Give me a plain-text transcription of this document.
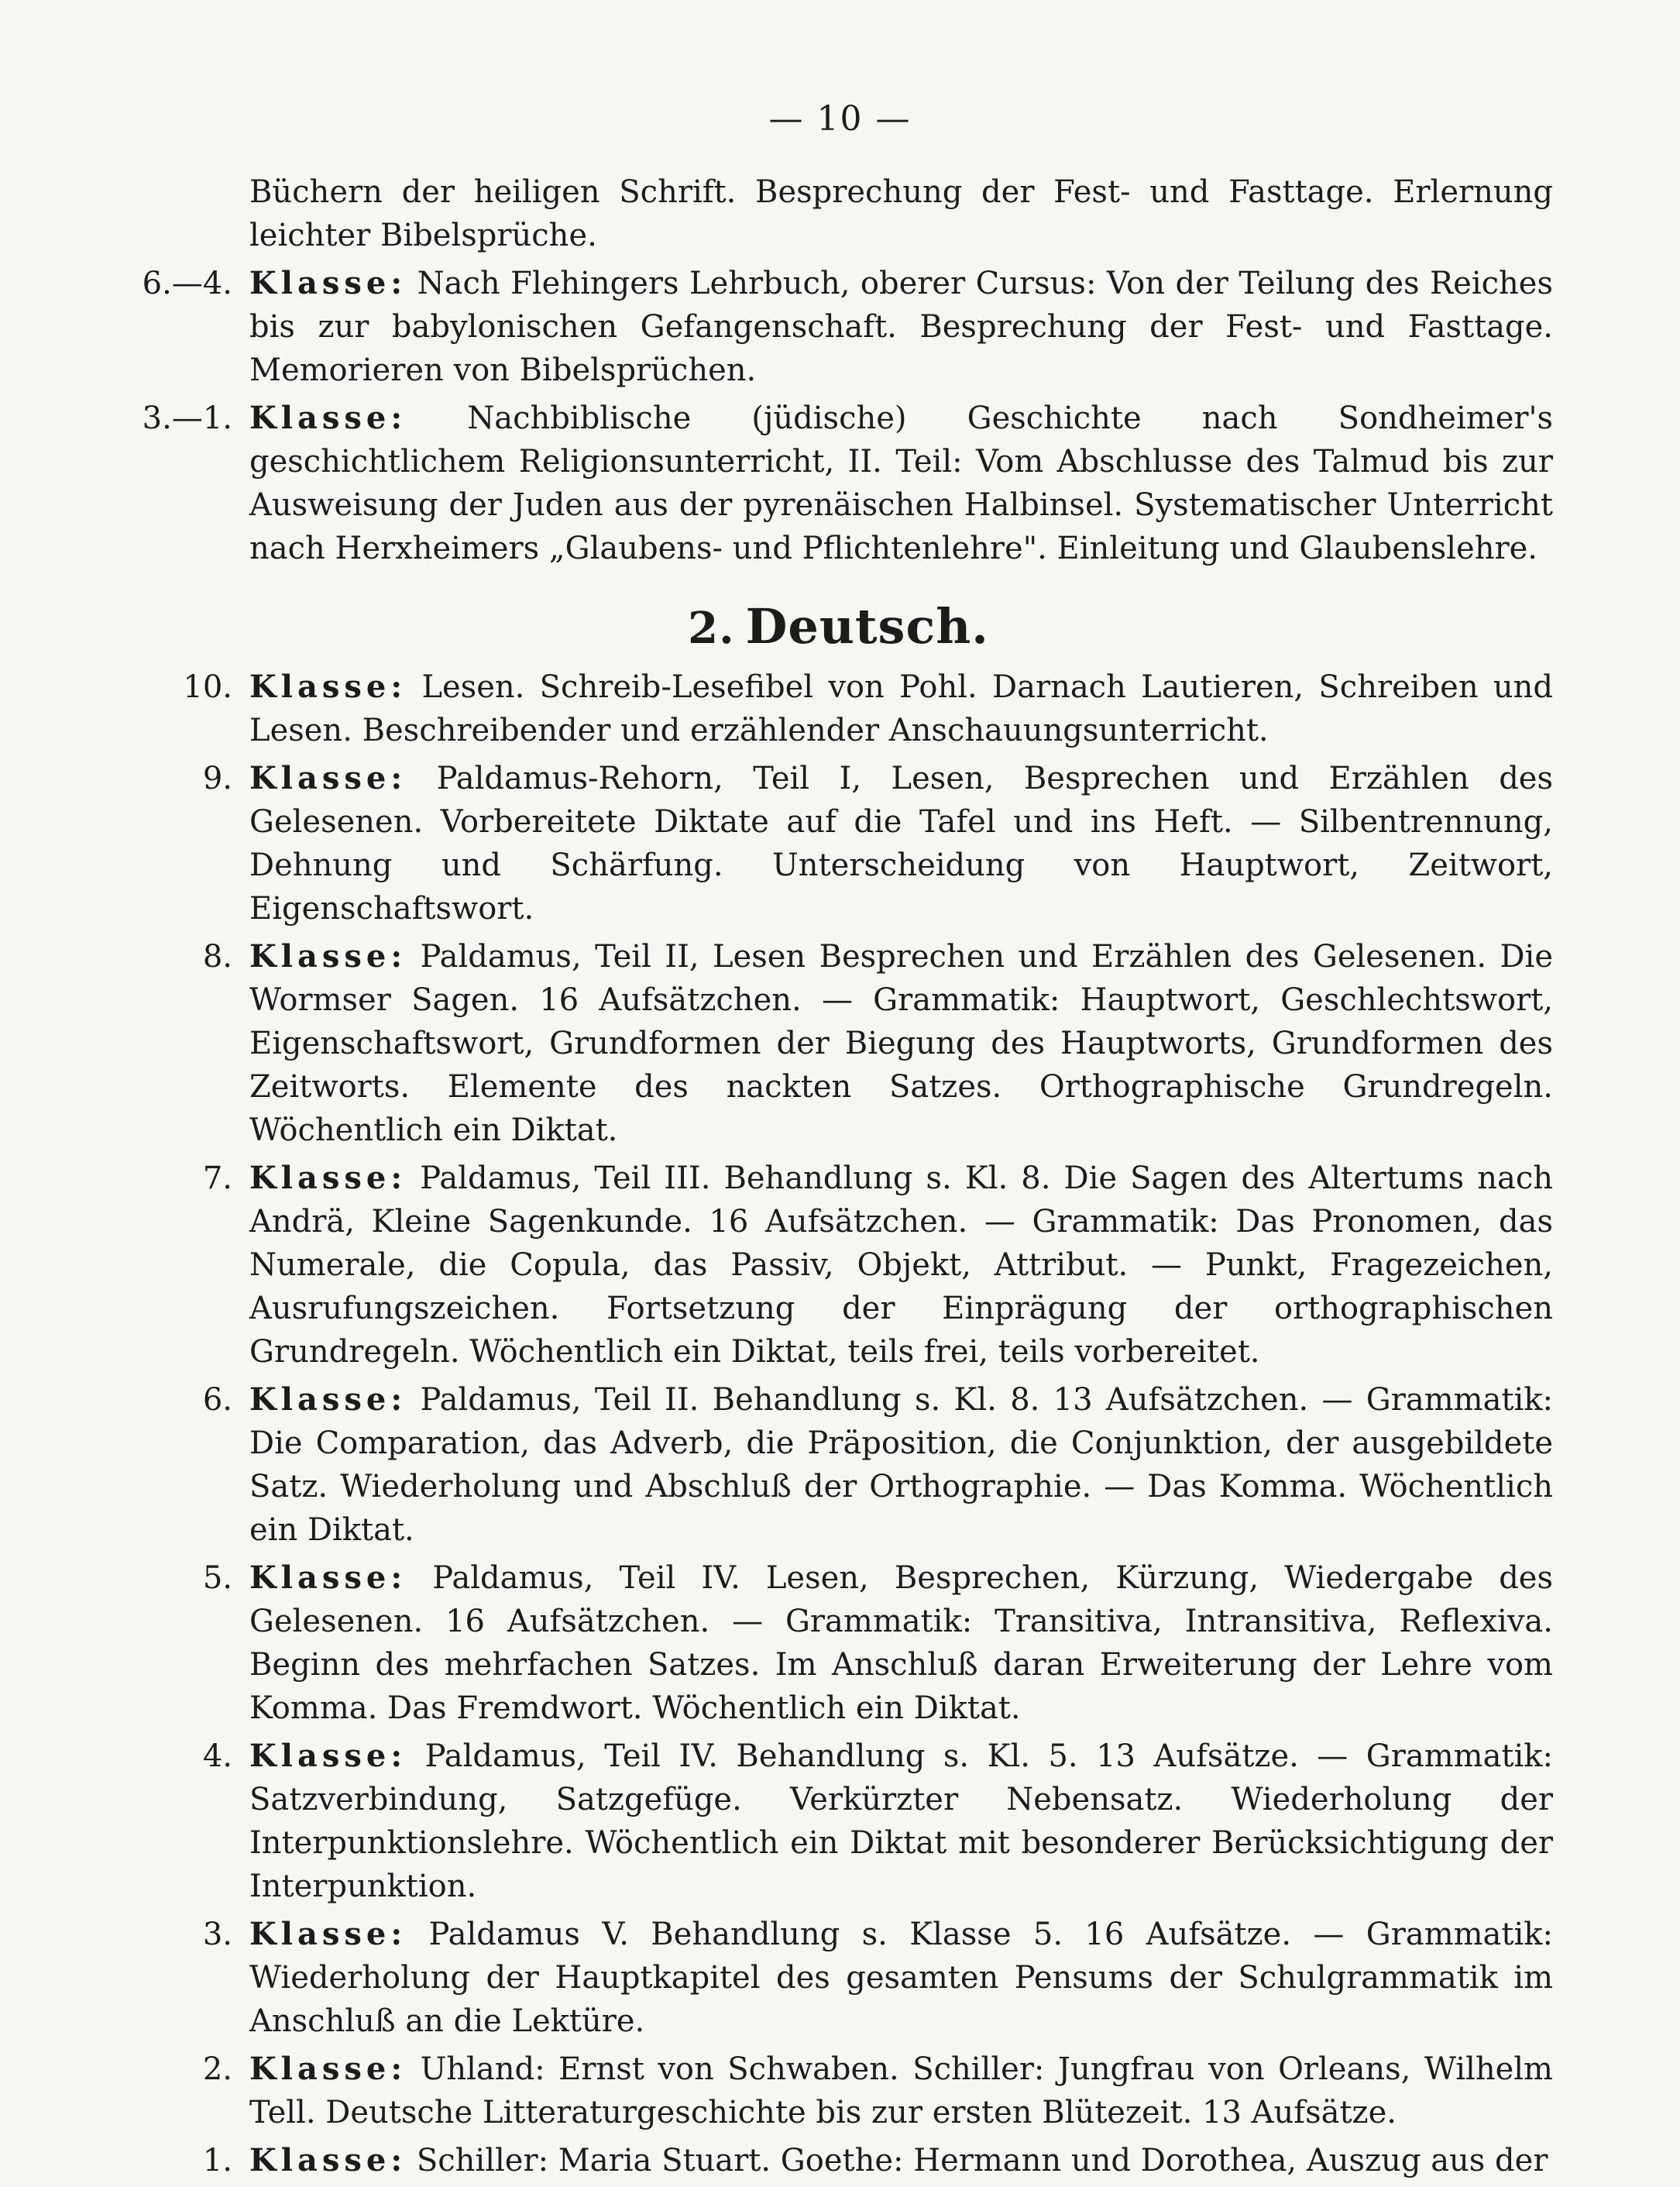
— 10 —
Büchern der heiligen Schrift. Besprechung der Fest- und Fasttage. Erlernung leichter Bibelsprüche.
6.—4. Klasse: Nach Flehingers Lehrbuch, oberer Cursus: Von der Teilung des Reiches bis zur babylonischen Gefangenschaft. Besprechung der Fest- und Fasttage. Memorieren von Bibelsprüchen.
3.—1. Klasse: Nachbiblische (jüdische) Geschichte nach Sondheimer's geschichtlichem Religionsunterricht, II. Teil: Vom Abschlusse des Talmud bis zur Ausweisung der Juden aus der pyrenäischen Halbinsel. Systematischer Unterricht nach Herxheimers „Glaubens- und Pflichtenlehre". Einleitung und Glaubenslehre.
2. Deutsch.
10. Klasse: Lesen. Schreib-Lesefibel von Pohl. Darnach Lautieren, Schreiben und Lesen. Beschreibender und erzählender Anschauungsunterricht.
9. Klasse: Paldamus-Rehorn, Teil I, Lesen, Besprechen und Erzählen des Gelesenen. Vorbereitete Diktate auf die Tafel und ins Heft. — Silbentrennung, Dehnung und Schärfung. Unterscheidung von Hauptwort, Zeitwort, Eigenschaftswort.
8. Klasse: Paldamus, Teil II, Lesen Besprechen und Erzählen des Gelesenen. Die Wormser Sagen. 16 Aufsätzchen. — Grammatik: Hauptwort, Geschlechtswort, Eigenschaftswort, Grundformen der Biegung des Hauptworts, Grundformen des Zeitworts. Elemente des nackten Satzes. Orthographische Grundregeln. Wöchentlich ein Diktat.
7. Klasse: Paldamus, Teil III. Behandlung s. Kl. 8. Die Sagen des Altertums nach Andrä, Kleine Sagenkunde. 16 Aufsätzchen. — Grammatik: Das Pronomen, das Numerale, die Copula, das Passiv, Objekt, Attribut. — Punkt, Fragezeichen, Ausrufungszeichen. Fortsetzung der Einprägung der orthographischen Grundregeln. Wöchentlich ein Diktat, teils frei, teils vorbereitet.
6. Klasse: Paldamus, Teil II. Behandlung s. Kl. 8. 13 Aufsätzchen. — Grammatik: Die Comparation, das Adverb, die Präposition, die Conjunktion, der ausgebildete Satz. Wiederholung und Abschluß der Orthographie. — Das Komma. Wöchentlich ein Diktat.
5. Klasse: Paldamus, Teil IV. Lesen, Besprechen, Kürzung, Wiedergabe des Gelesenen. 16 Aufsätzchen. — Grammatik: Transitiva, Intransitiva, Reflexiva. Beginn des mehrfachen Satzes. Im Anschluß daran Erweiterung der Lehre vom Komma. Das Fremdwort. Wöchentlich ein Diktat.
4. Klasse: Paldamus, Teil IV. Behandlung s. Kl. 5. 13 Aufsätze. — Grammatik: Satzverbindung, Satzgefüge. Verkürzter Nebensatz. Wiederholung der Interpunktionslehre. Wöchentlich ein Diktat mit besonderer Berücksichtigung der Interpunktion.
3. Klasse: Paldamus V. Behandlung s. Klasse 5. 16 Aufsätze. — Grammatik: Wiederholung der Hauptkapitel des gesamten Pensums der Schulgrammatik im Anschluß an die Lektüre.
2. Klasse: Uhland: Ernst von Schwaben. Schiller: Jungfrau von Orleans, Wilhelm Tell. Deutsche Litteraturgeschichte bis zur ersten Blütezeit. 13 Aufsätze.
1. Klasse: Schiller: Maria Stuart. Goethe: Hermann und Dorothea, Auszug aus der
